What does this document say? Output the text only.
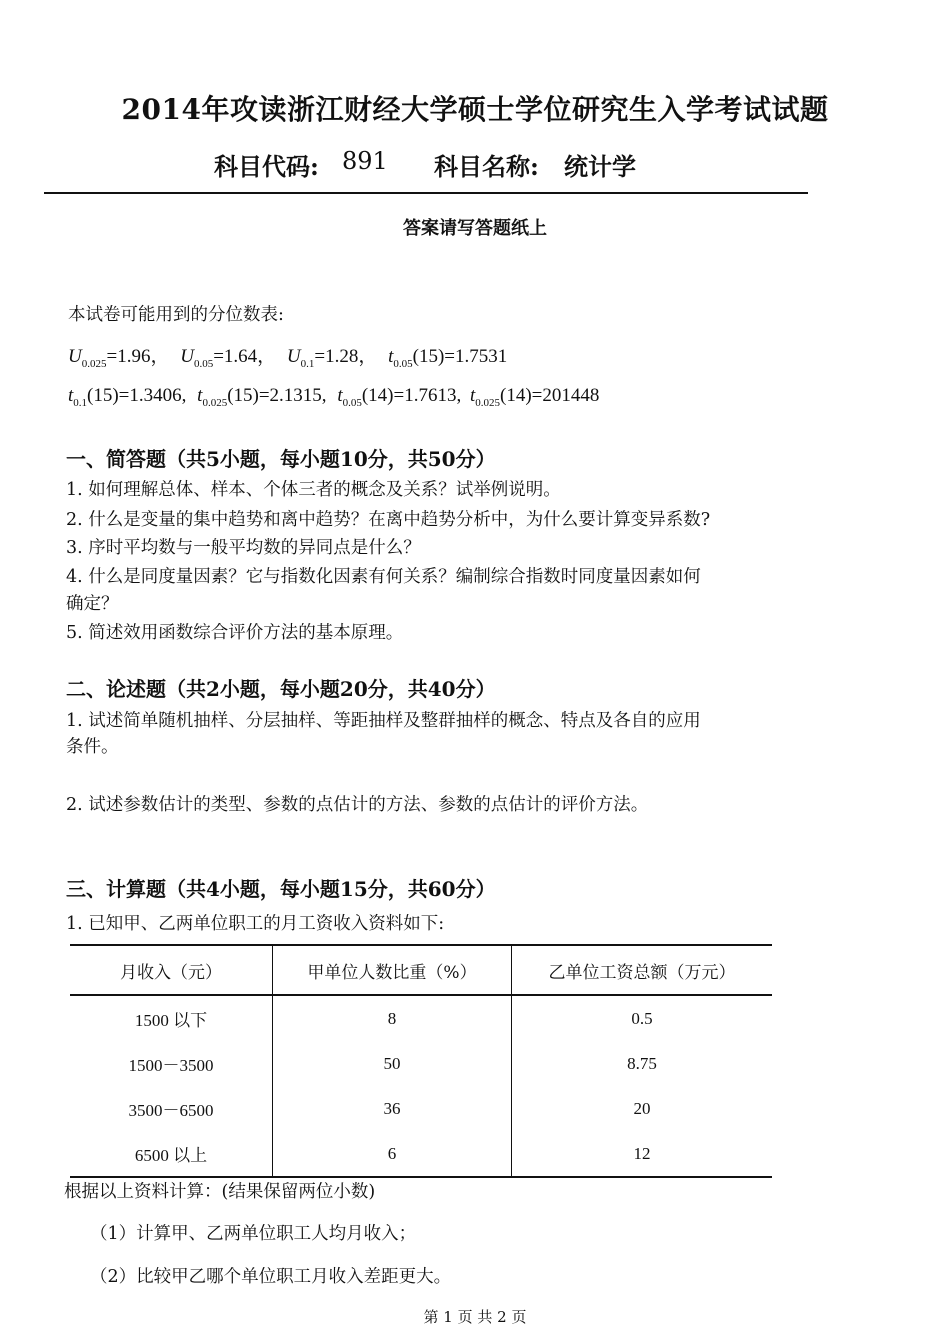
2014年攻读浙江财经大学硕士学位研究生入学考试试题
科目代码: 891 科目名称: 统计学
答案请写答题纸上
本试卷可能用到的分位数表:
$U_{0.025}=1.96$， $U_{0.05}=1.64$， $U_{0.1}=1.28$， $t_{0.05}(15)=1.7531$
$t_{0.1}(15)=1.3406$, $t_{0.025}(15)=2.1315$, $t_{0.05}(14)=1.7613$, $t_{0.025}(14)=201448$
一、简答题（共5小题，每小题10分，共50分）
1. 如何理解总体、样本、个体三者的概念及关系？试举例说明。
2. 什么是变量的集中趋势和离中趋势？在离中趋势分析中，为什么要计算变异系数?
3. 序时平均数与一般平均数的异同点是什么？
4. 什么是同度量因素？它与指数化因素有何关系？编制综合指数时同度量因素如何
确定？
5. 简述效用函数综合评价方法的基本原理。
二、论述题（共2小题，每小题20分，共40分）
1. 试述简单随机抽样、分层抽样、等距抽样及整群抽样的概念、特点及各自的应用
条件。
2. 试述参数估计的类型、参数的点估计的方法、参数的点估计的评价方法。
三、计算题（共4小题，每小题15分，共60分）
1. 已知甲、乙两单位职工的月工资收入资料如下:
月收入（元）	甲单位人数比重（%）	乙单位工资总额（万元）
1500 以下	8	0.5
1500－3500	50	8.75
3500－6500	36	20
6500 以上	6	12
根据以上资料计算：(结果保留两位小数)
（1）计算甲、乙两单位职工人均月收入；
（2）比较甲乙哪个单位职工月收入差距更大。
第 1 页 共 2 页
